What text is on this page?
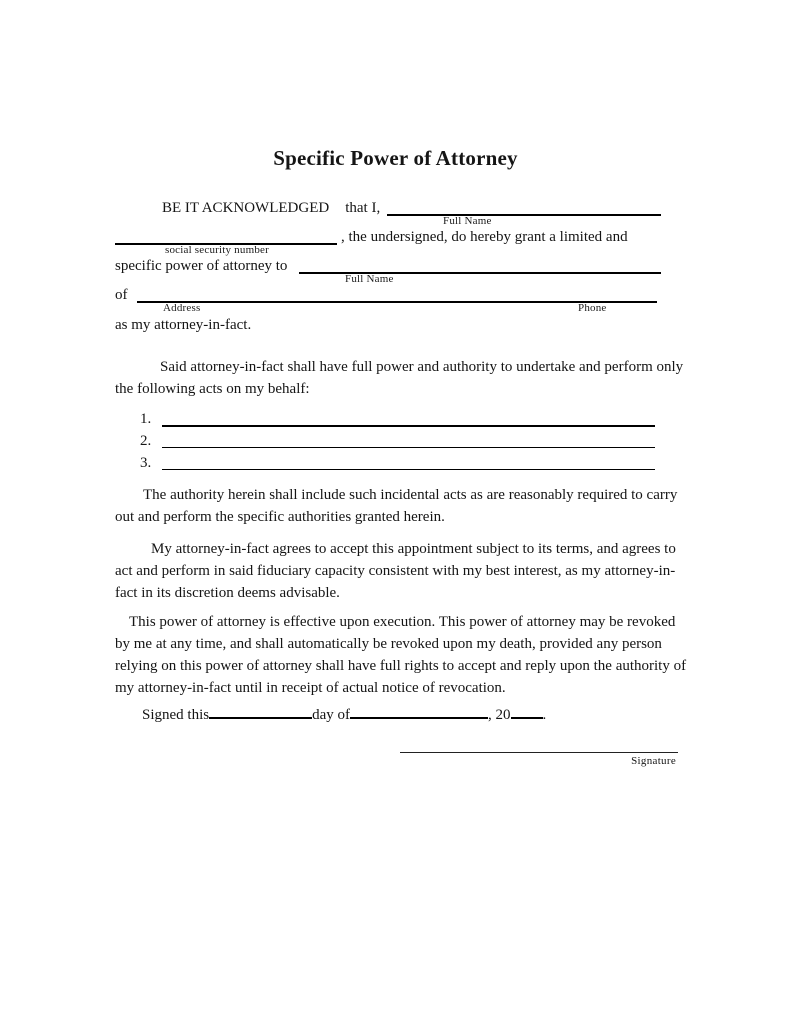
Specific Power of Attorney
BE IT ACKNOWLEDGED that I,
Full Name
, the undersigned, do hereby grant a limited and
social security number
specific power of attorney to
Full Name
of
Address	Phone
as my attorney-in-fact.

Said attorney-in-fact shall have full power and authority to undertake and perform only the following acts on my behalf:

1.
2.
3.

The authority herein shall include such incidental acts as are reasonably required to carry out and perform the specific authorities granted herein.

My attorney-in-fact agrees to accept this appointment subject to its terms, and agrees to act and perform in said fiduciary capacity consistent with my best interest, as my attorney-in-fact in its discretion deems advisable.

This power of attorney is effective upon execution. This power of attorney may be revoked by me at any time, and shall automatically be revoked upon my death, provided any person relying on this power of attorney shall have full rights to accept and reply upon the authority of my attorney-in-fact until in receipt of actual notice of revocation.

Signed this	day of	, 20 .
Signature
